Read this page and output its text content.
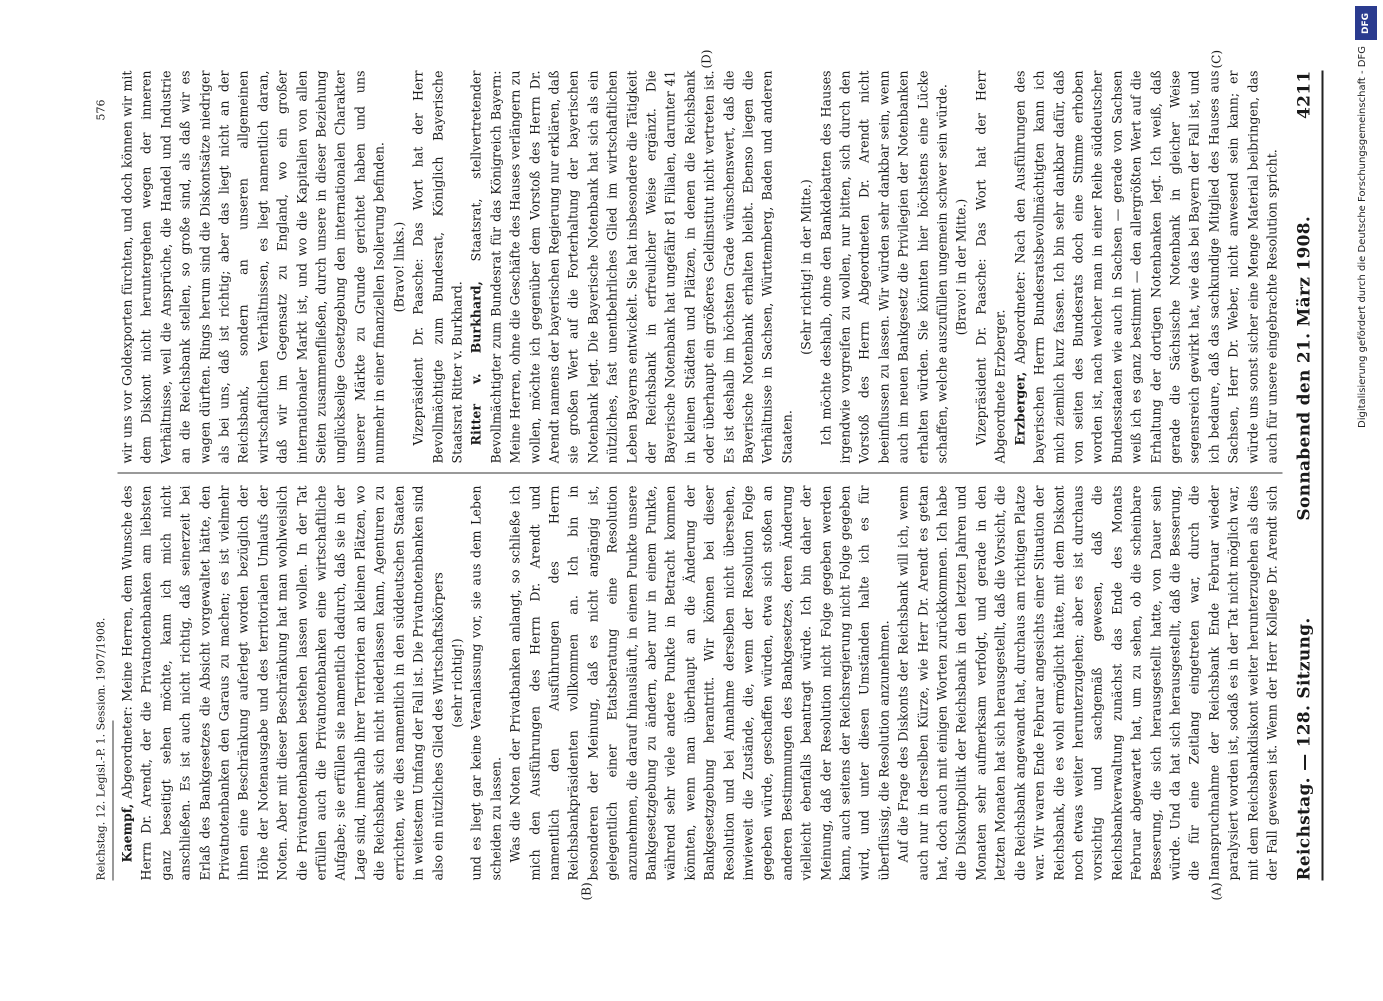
Reichstag. — 128. Sitzung.
Sonnabend den 21. März 1908.
4211
(A)
(B)
(C)
(D)

Kaempf, Abgeordneter: Meine Herren, dem Wunsche des Herrn Dr. Arendt, der die Privatnotenbanken am liebsten ganz beseitigt sehen möchte, kann ich mich nicht anschließen. Es ist auch nicht richtig, daß seinerzeit bei Erlaß des Bankgesetzes die Absicht vorgewaltet hätte, den Privatnotenbanken den Garaus zu machen; es ist vielmehr ihnen eine Beschränkung auferlegt worden bezüglich der Höhe der Notenausgabe und des territorialen Umlaufs der Noten. Aber mit dieser Beschränkung hat man wohlweislich die Privatnotenbanken bestehen lassen wollen. In der Tat erfüllen auch die Privatnotenbanken eine wirtschaftliche Aufgabe; sie erfüllen sie namentlich dadurch, daß sie in der Lage sind, innerhalb ihrer Territorien an kleinen Plätzen, wo die Reichsbank sich nicht niederlassen kann, Agenturen zu errichten, wie dies namentlich in den süddeutschen Staaten in weitestem Umfang der Fall ist. Die Privatnotenbanken sind also ein nützliches Glied des Wirtschaftskörpers (sehr richtig!) und es liegt gar keine Veranlassung vor, sie aus dem Leben scheiden zu lassen. Was die Noten der Privatbanken anlangt, so schließe ich mich den Ausführungen des Herrn Dr. Arendt und namentlich den Ausführungen des Herrn Reichsbankpräsidenten vollkommen an. Ich bin in besonderen der Meinung, daß es nicht angängig ist, gelegentlich einer Etatsberatung eine Resolution anzunehmen, die darauf hinausläuft, in einem Punkte unsere Bankgesetzgebung zu ändern, aber nur in einem Punkte, während sehr viele andere Punkte in Betracht kommen könnten, wenn man überhaupt an die Änderung der Bankgesetzgebung herantritt. Wir können bei dieser Resolution und bei Annahme derselben nicht übersehen, inwieweit die Zustände, die, wenn der Resolution Folge gegeben würde, geschaffen würden, etwa sich stoßen an anderen Bestimmungen des Bankgesetzes, deren Änderung vielleicht ebenfalls beantragt würde. Ich bin daher der Meinung, daß der Resolution nicht Folge gegeben werden kann, auch seitens der Reichsregierung nicht Folge gegeben wird, und unter diesen Umständen halte ich es für überflüssig, die Resolution anzunehmen. Auf die Frage des Diskonts der Reichsbank will ich, wenn auch nur in derselben Kürze, wie Herr Dr. Arendt es getan hat, doch auch mit einigen Worten zurückkommen. Ich habe die Diskontpolitik der Reichsbank in den letzten Jahren und Monaten sehr aufmerksam verfolgt, und gerade in den letzten Monaten hat sich herausgestellt, daß die Vorsicht, die die Reichsbank angewandt hat, durchaus am richtigen Platze war. Wir waren Ende Februar angesichts einer Situation der Reichsbank, die es wohl ermöglicht hätte, mit dem Diskont noch etwas weiter herunterzugehen; aber es ist durchaus vorsichtig und sachgemäß gewesen, daß die Reichsbankverwaltung zunächst das Ende des Monats Februar abgewartet hat, um zu sehen, ob die scheinbare Besserung, die sich herausgestellt hatte, von Dauer sein würde. Und da hat sich herausgestellt, daß die Besserung, die für eine Zeitlang eingetreten war, durch die Inanspruchnahme der Reichsbank Ende Februar wieder paralysiert worden ist, sodaß es in der Tat nicht möglich war, mit dem Reichsbankdiskont weiter herunterzugehen als dies der Fall gewesen ist. Wenn der Herr Kollege Dr. Arendt sich

wir uns vor Goldexporten fürchten, und doch können wir mit dem Diskont nicht heruntergehen wegen der inneren Verhältnisse, weil die Ansprüche, die Handel und Industrie an die Reichsbank stellen, so große sind, als daß wir es wagen dürften. Rings herum sind die Diskontsätze niedriger als bei uns, daß ist richtig; aber das liegt nicht an der Reichsbank, sondern an unseren allgemeinen wirtschaftlichen Verhältnissen, es liegt namentlich daran, daß wir im Gegensatz zu England, wo ein großer internationaler Markt ist, und wo die Kapitalien von allen Seiten zusammenfließen, durch unsere in dieser Beziehung unglückselige Gesetzgebung den internationalen Charakter unserer Märkte zu Grunde gerichtet haben und uns nunmehr in einer finanziellen Isolierung befinden. (Bravo! links.) Vizepräsident Dr. Paasche: Das Wort hat der Herr Bevollmächtigte zum Bundesrat, Königlich Bayerische Staatsrat Ritter v. Burkhard. Ritter v. Burkhard, Staatsrat, stellvertretender Bevollmächtigter zum Bundesrat für das Königreich Bayern: Meine Herren, ohne die Geschäfte des Hauses verlängern zu wollen, möchte ich gegenüber dem Vorstoß des Herrn Dr. Arendt namens der bayerischen Regierung nur erklären, daß sie großen Wert auf die Forterhaltung der bayerischen Notenbank legt. Die Bayerische Notenbank hat sich als ein nützliches, fast unentbehrliches Glied im wirtschaftlichen Leben Bayerns entwickelt. Sie hat insbesondere die Tätigkeit der Reichsbank in erfreulicher Weise ergänzt. Die Bayerische Notenbank hat ungefähr 81 Filialen, darunter 41 in kleinen Städten und Plätzen, in denen die Reichsbank oder überhaupt ein größeres Geldinstitut nicht vertreten ist. Es ist deshalb im höchsten Grade wünschenswert, daß die Bayerische Notenbank erhalten bleibt. Ebenso liegen die Verhältnisse in Sachsen, Württemberg, Baden und anderen Staaten.

(Sehr richtig! in der Mitte.) Ich möchte deshalb, ohne den Bankdebatten des Hauses irgendwie vorgreifen zu wollen, nur bitten, sich durch den Vorstoß des Herrn Abgeordneten Dr. Arendt nicht beeinflussen zu lassen. Wir würden sehr dankbar sein, wenn auch im neuen Bankgesetz die Privilegien der Notenbanken erhalten würden. Sie könnten hier höchstens eine Lücke schaffen, welche auszufüllen ungemein schwer sein würde. (Bravo! in der Mitte.) Vizepräsident Dr. Paasche: Das Wort hat der Herr Abgeordnete Erzberger. Erzberger, Abgeordneter: Nach den Ausführungen des bayerischen Herrn Bundesratsbevollmächtigten kann ich mich ziemlich kurz fassen. Ich bin sehr dankbar dafür, daß von seiten des Bundesrats doch eine Stimme erhoben worden ist, nach welcher man in einer Reihe süddeutscher Bundesstaaten wie auch in Sachsen — gerade von Sachsen weiß ich es ganz bestimmt — den allergrößten Wert auf die Erhaltung der dortigen Notenbanken legt. Ich weiß, daß gerade die Sächsische Notenbank in gleicher Weise segensreich gewirkt hat, wie das bei Bayern der Fall ist, und ich bedaure, daß das sachkundige Mitglied des Hauses aus Sachsen, Herr Dr. Weber, nicht anwesend sein kann; er würde uns sonst sicher eine Menge Material beibringen, das auch für unsere eingebrachte Resolution spricht.

Reichstag. 12. Legisl.-P. 1. Session. 1907/1908.
576
DFG
Digitalisierung gefördert durch die Deutsche Forschungsgemeinschaft - DFG
